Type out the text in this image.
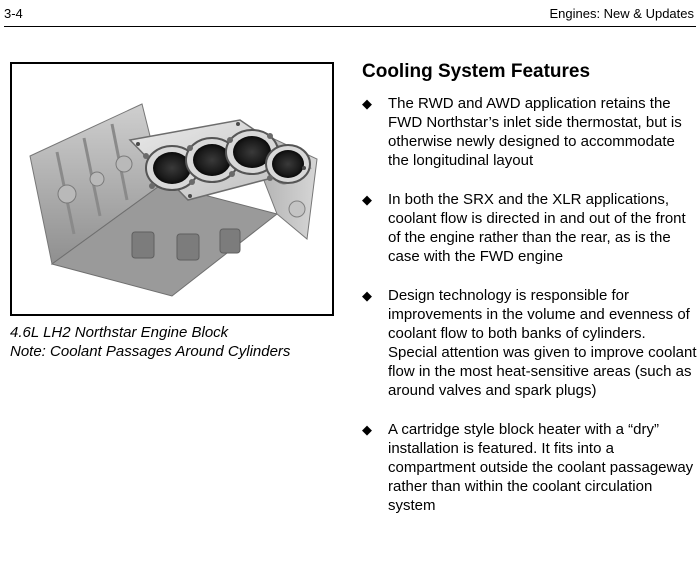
3-4	Engines: New & Updates
4.6L LH2 Northstar Engine Block
Note: Coolant Passages Around Cylinders
Cooling System Features
◆ The RWD and AWD application retains the FWD Northstar’s inlet side thermostat, but is otherwise newly designed to accommodate the longitudinal layout
◆ In both the SRX and the XLR applications, coolant flow is directed in and out of the front of the engine rather than the rear, as is the case with the FWD engine
◆ Design technology is responsible for improvements in the volume and evenness of coolant flow to both banks of cylinders. Special attention was given to improve coolant flow in the most heat-sensitive areas (such as around valves and spark plugs)
◆ A cartridge style block heater with a “dry” installation is featured. It fits into a compartment outside the coolant passageway rather than within the coolant circulation system
